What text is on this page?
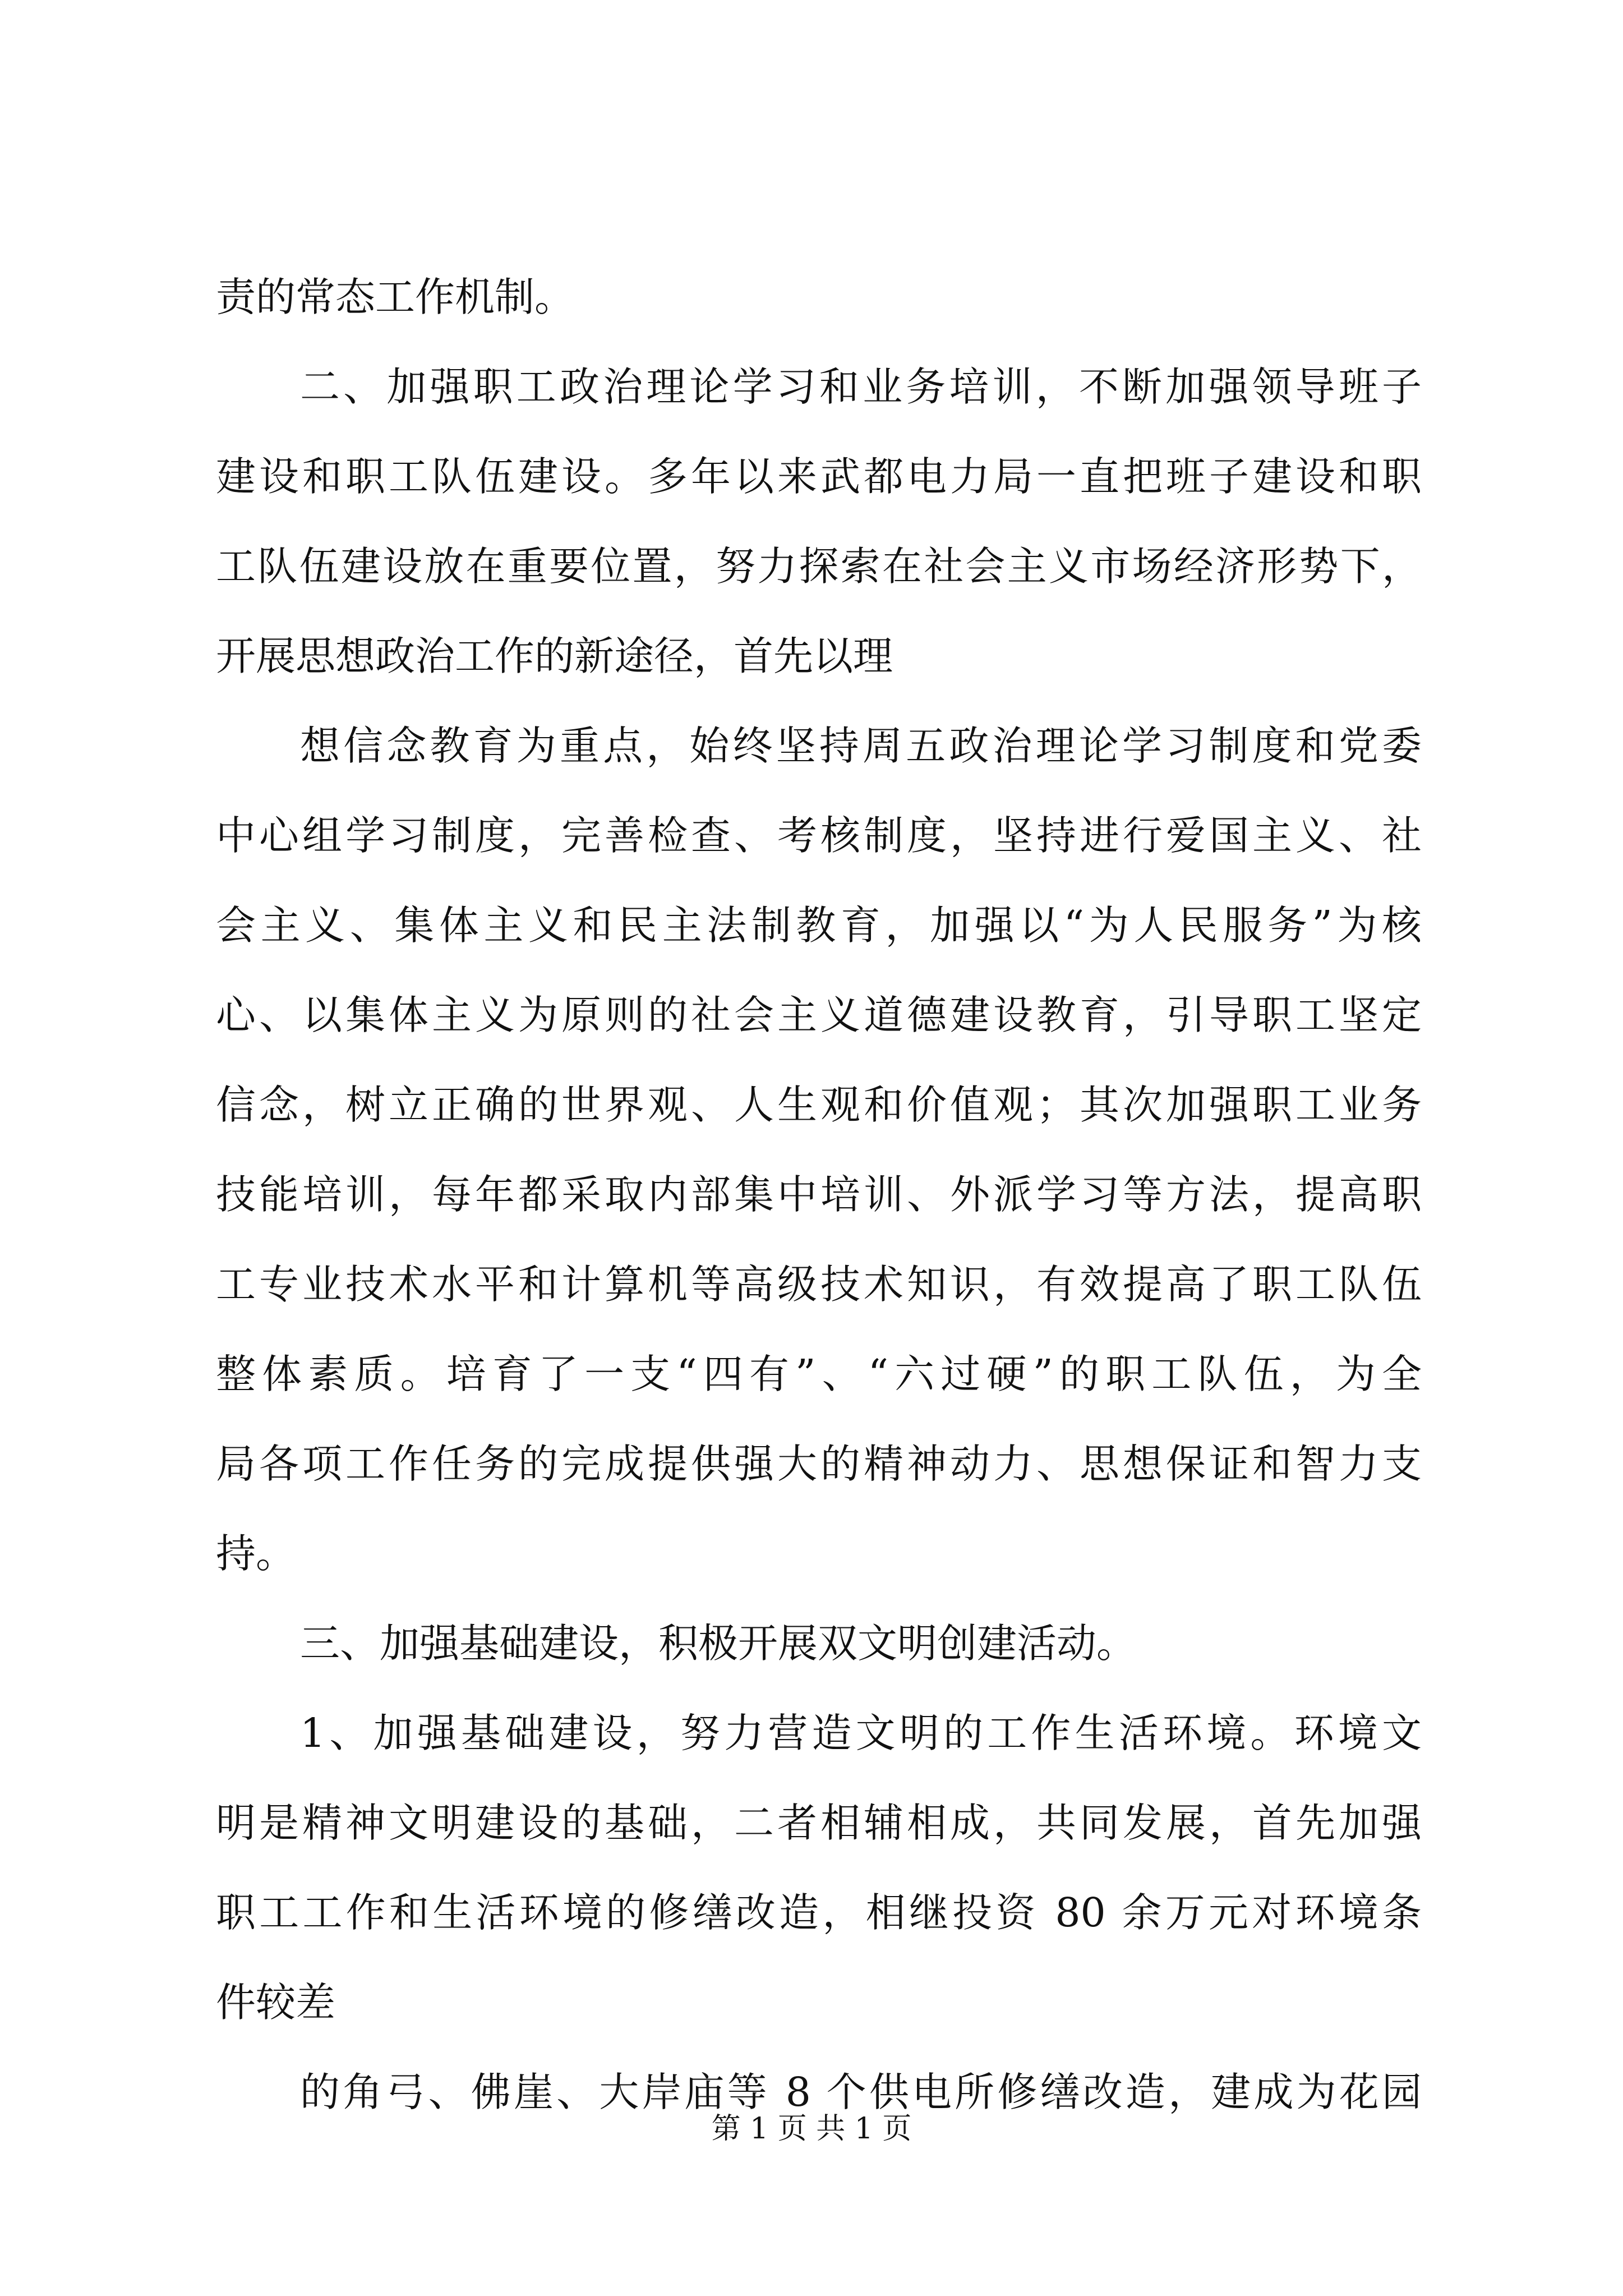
责的常态工作机制。
二、加强职工政治理论学习和业务培训，不断加强领导班子
建设和职工队伍建设。多年以来武都电力局一直把班子建设和职
工队伍建设放在重要位置，努力探索在社会主义市场经济形势下，
开展思想政治工作的新途径，首先以理
想信念教育为重点，始终坚持周五政治理论学习制度和党委
中心组学习制度，完善检查、考核制度，坚持进行爱国主义、社
会主义、集体主义和民主法制教育，加强以“为人民服务”为核
心、以集体主义为原则的社会主义道德建设教育，引导职工坚定
信念，树立正确的世界观、人生观和价值观；其次加强职工业务
技能培训，每年都采取内部集中培训、外派学习等方法，提高职
工专业技术水平和计算机等高级技术知识，有效提高了职工队伍
整体素质。培育了一支“四有”、“六过硬”的职工队伍，为全
局各项工作任务的完成提供强大的精神动力、思想保证和智力支
持。
三、加强基础建设，积极开展双文明创建活动。
1、加强基础建设，努力营造文明的工作生活环境。环境文
明是精神文明建设的基础，二者相辅相成，共同发展，首先加强
职工工作和生活环境的修缮改造，相继投资 80 余万元对环境条
件较差
的角弓、佛崖、大岸庙等 8 个供电所修缮改造，建成为花园
第 1 页 共 1 页
